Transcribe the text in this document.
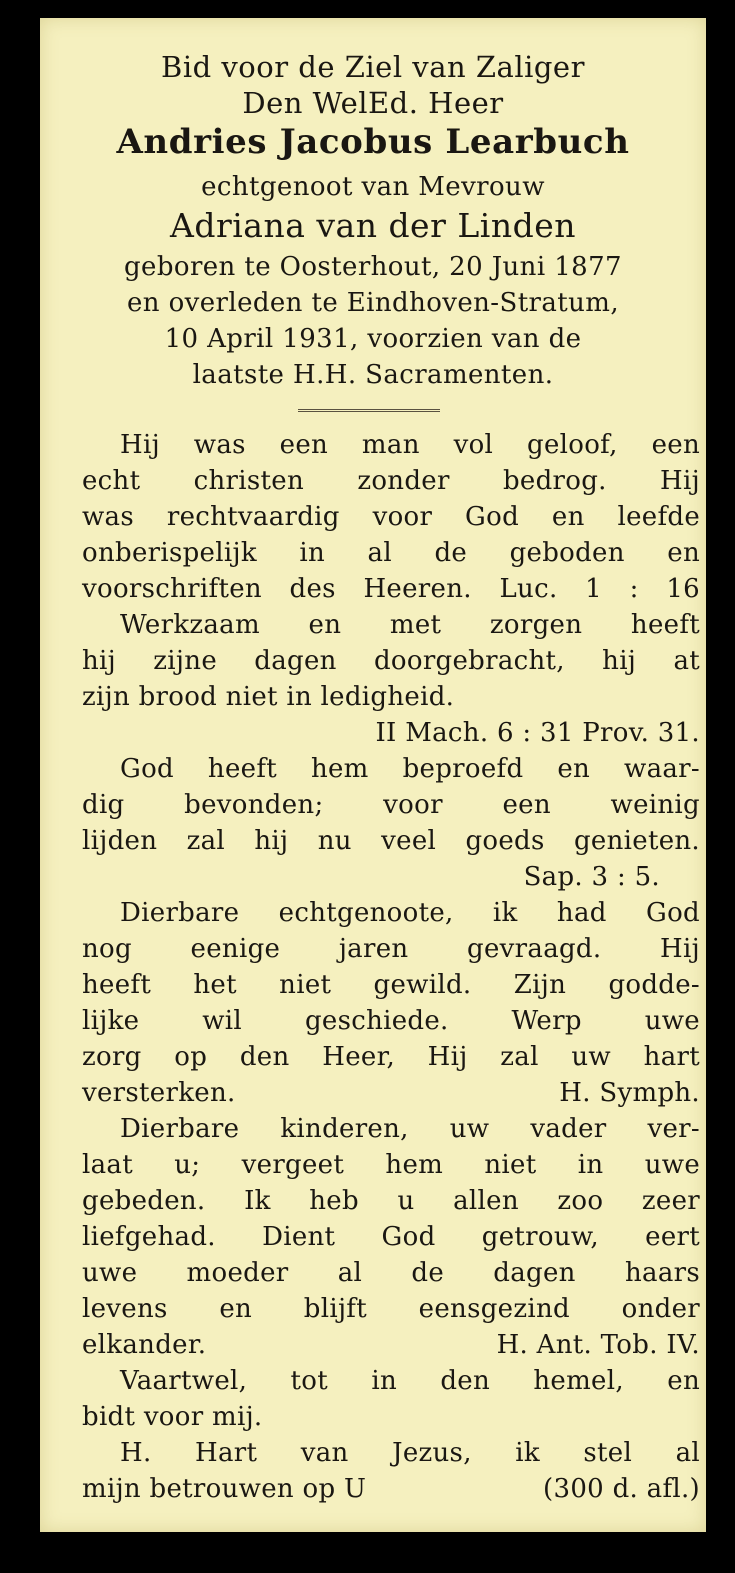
Bid voor de Ziel van Zaliger
Den WelEd. Heer
Andries Jacobus Learbuch
echtgenoot van Mevrouw
Adriana van der Linden
geboren te Oosterhout, 20 Juni 1877
en overleden te Eindhoven-Stratum,
10 April 1931, voorzien van de
laatste H.H. Sacramenten.
Hij was een man vol geloof, een
echt christen zonder bedrog. Hij
was rechtvaardig voor God en leefde
onberispelijk in al de geboden en
voorschriften des Heeren. Luc. 1 : 16
Werkzaam en met zorgen heeft
hij zijne dagen doorgebracht, hij at
zijn brood niet in ledigheid.
II Mach. 6 : 31 Prov. 31.
God heeft hem beproefd en waar-
dig bevonden; voor een weinig
lijden zal hij nu veel goeds genieten.
Sap. 3 : 5.
Dierbare echtgenoote, ik had God
nog eenige jaren gevraagd. Hij
heeft het niet gewild. Zijn godde-
lijke wil geschiede. Werp uwe
zorg op den Heer, Hij zal uw hart
versterken.	H. Symph.
Dierbare kinderen, uw vader ver-
laat u; vergeet hem niet in uwe
gebeden. Ik heb u allen zoo zeer
liefgehad. Dient God getrouw, eert
uwe moeder al de dagen haars
levens en blijft eensgezind onder
elkander.	H. Ant. Tob. IV.
Vaartwel, tot in den hemel, en
bidt voor mij.
H. Hart van Jezus, ik stel al
mijn betrouwen op U	(300 d. afl.)
